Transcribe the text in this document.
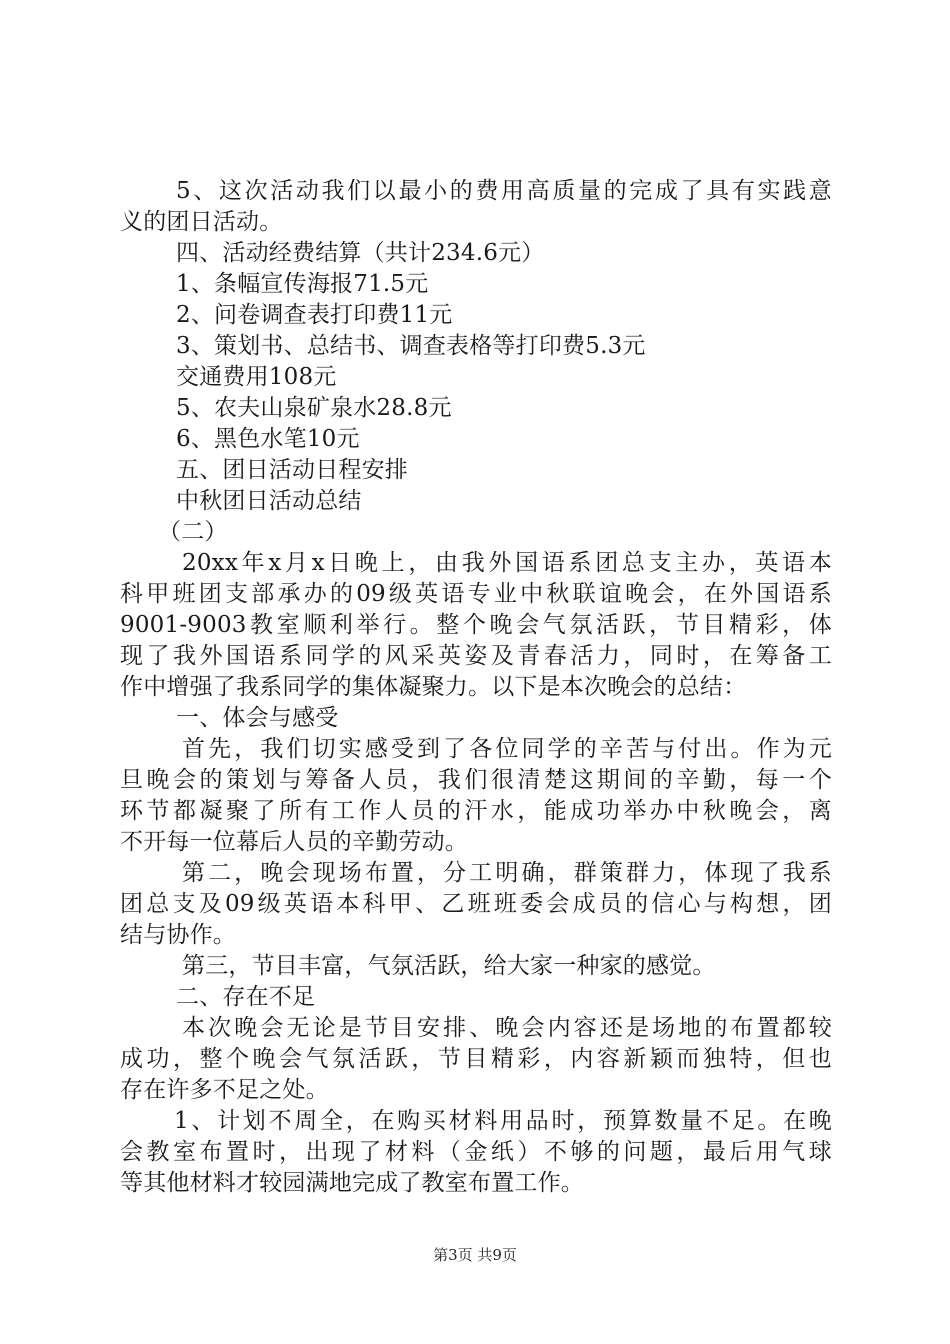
5、这次活动我们以最小的费用高质量的完成了具有实践意
义的团日活动。
四、活动经费结算（共计234.6元）
1、条幅宣传海报71.5元
2、问卷调查表打印费11元
3、策划书、总结书、调查表格等打印费5.3元
交通费用108元
5、农夫山泉矿泉水28.8元
6、黑色水笔10元
五、团日活动日程安排
中秋团日活动总结
（二）
20xx年x月x日晚上，由我外国语系团总支主办，英语本
科甲班团支部承办的09级英语专业中秋联谊晚会，在外国语系
9001-9003教室顺利举行。整个晚会气氛活跃，节目精彩，体
现了我外国语系同学的风采英姿及青春活力，同时，在筹备工
作中增强了我系同学的集体凝聚力。以下是本次晚会的总结：
一、体会与感受
首先，我们切实感受到了各位同学的辛苦与付出。作为元
旦晚会的策划与筹备人员，我们很清楚这期间的辛勤，每一个
环节都凝聚了所有工作人员的汗水，能成功举办中秋晚会，离
不开每一位幕后人员的辛勤劳动。
第二，晚会现场布置，分工明确，群策群力，体现了我系
团总支及09级英语本科甲、乙班班委会成员的信心与构想，团
结与协作。
第三，节目丰富，气氛活跃，给大家一种家的感觉。
二、存在不足
本次晚会无论是节目安排、晚会内容还是场地的布置都较
成功，整个晚会气氛活跃，节目精彩，内容新颖而独特，但也
存在许多不足之处。
1、计划不周全，在购买材料用品时，预算数量不足。在晚
会教室布置时，出现了材料（金纸）不够的问题，最后用气球
等其他材料才较园满地完成了教室布置工作。
第3页 共9页
